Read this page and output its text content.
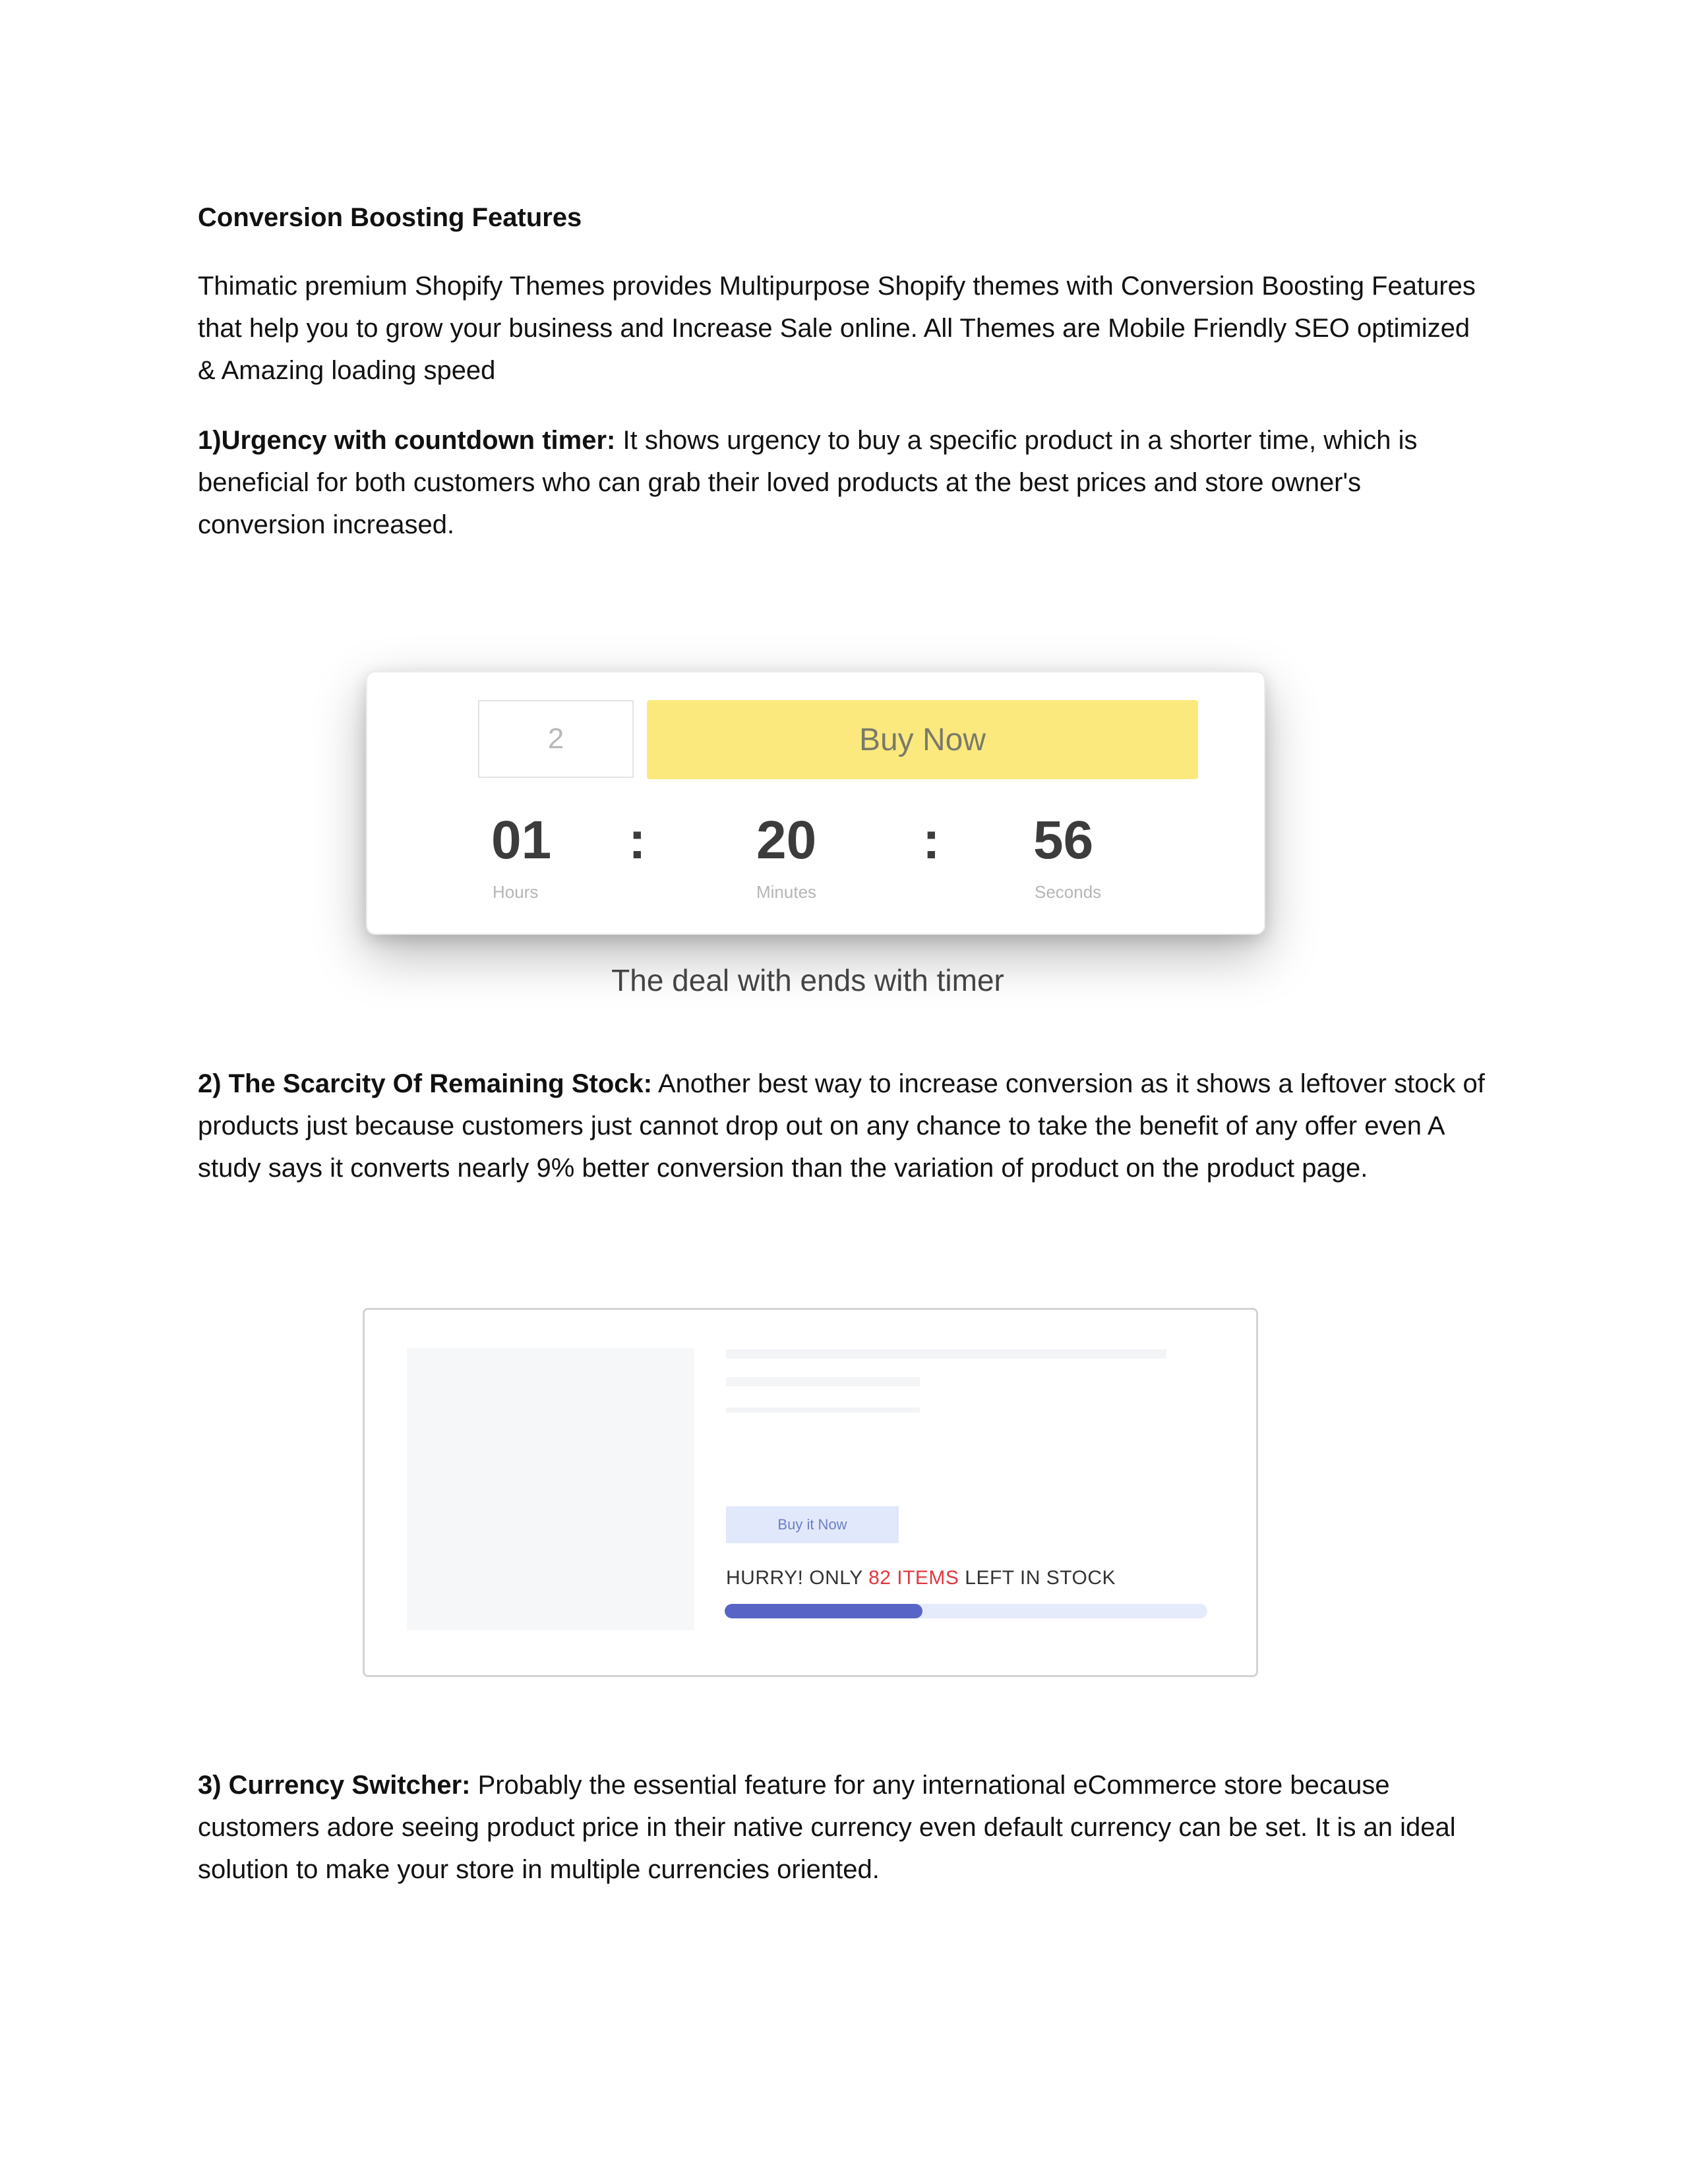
Conversion Boosting Features

Thimatic premium Shopify Themes provides Multipurpose Shopify themes with Conversion Boosting Features that help you to grow your business and Increase Sale online. All Themes are Mobile Friendly SEO optimized & Amazing loading speed

1)Urgency with countdown timer: It shows urgency to buy a specific product in a shorter time, which is beneficial for both customers who can grab their loved products at the best prices and store owner's conversion increased.

2	Buy Now
01
Hours
: 20
Minutes
: 56
Seconds
The deal with ends with timer

2) The Scarcity Of Remaining Stock: Another best way to increase conversion as it shows a leftover stock of products just because customers just cannot drop out on any chance to take the benefit of any offer even A study says it converts nearly 9% better conversion than the variation of product on the product page.

Buy it Now
HURRY! ONLY 82 ITEMS LEFT IN STOCK

3) Currency Switcher: Probably the essential feature for any international eCommerce store because customers adore seeing product price in their native currency even default currency can be set. It is an ideal solution to make your store in multiple currencies oriented.
